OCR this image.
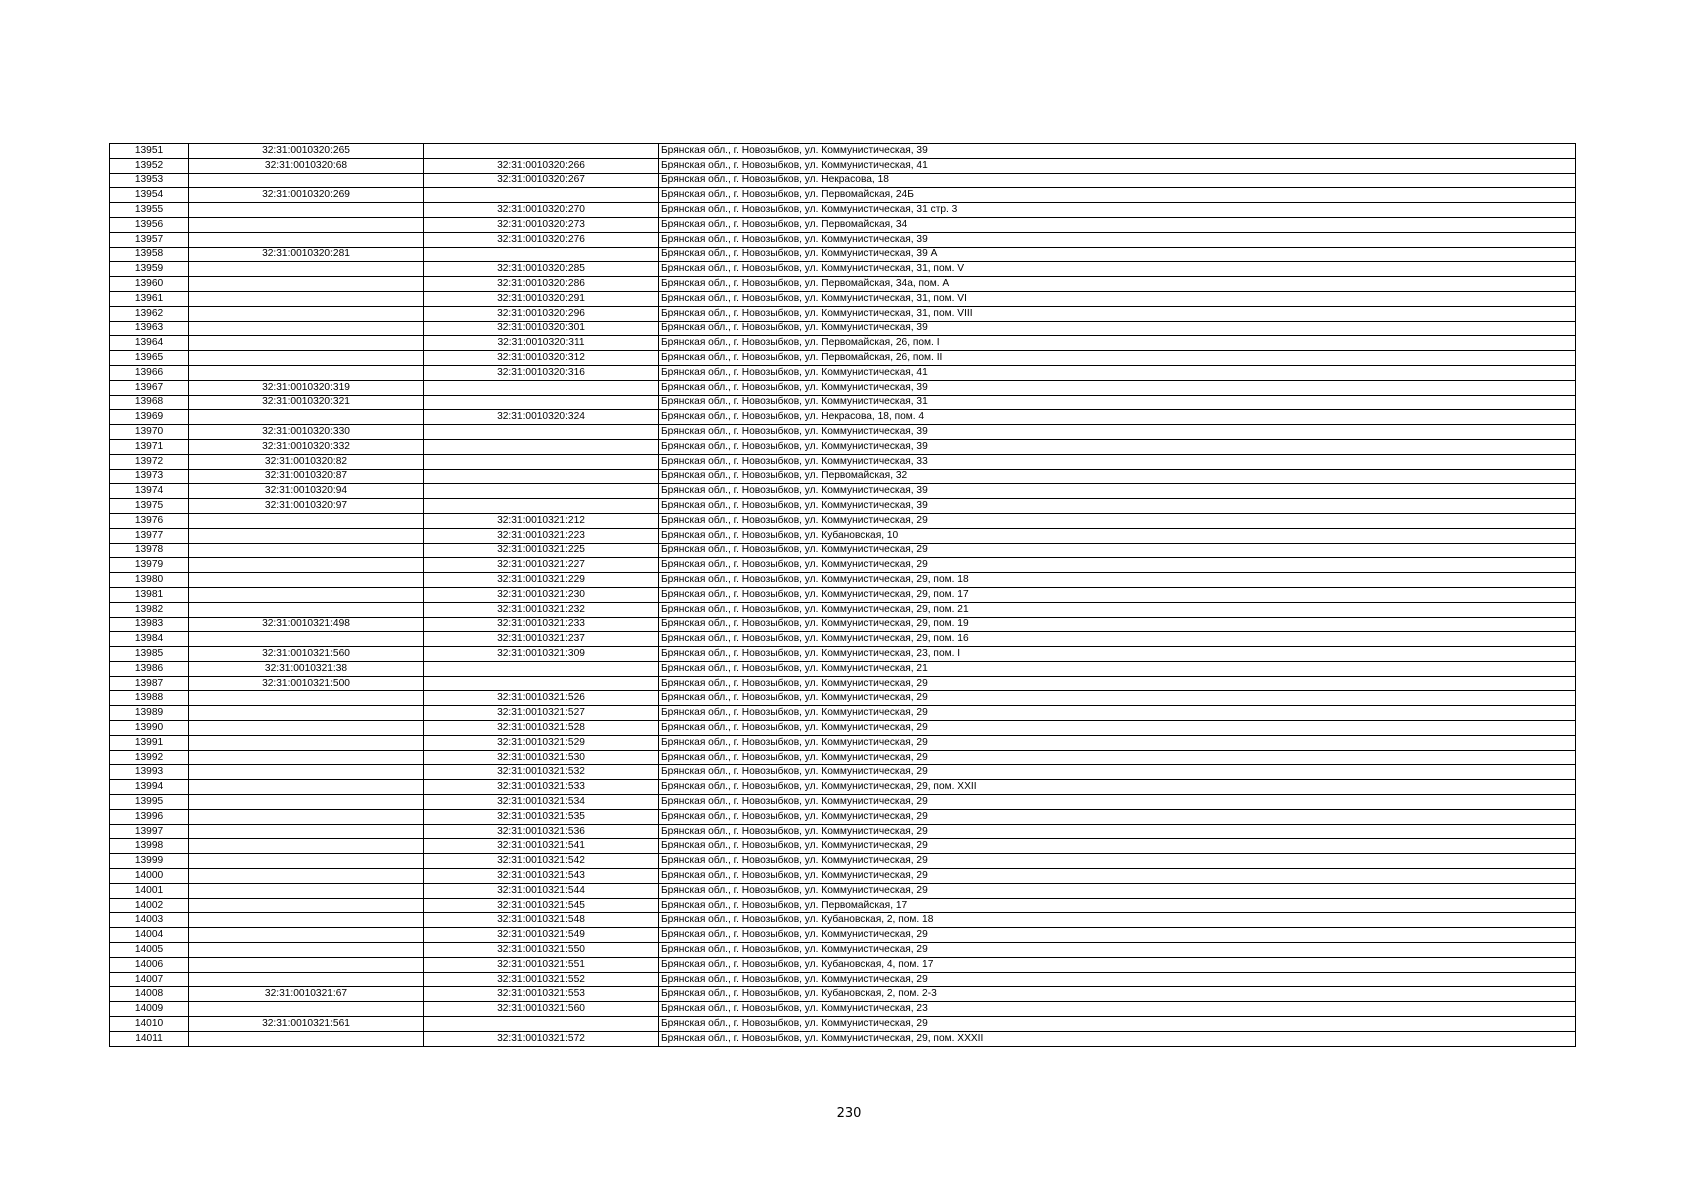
13951	32:31:0010320:265		Брянская обл., г. Новозыбков, ул. Коммунистическая, 39
13952	32:31:0010320:68	32:31:0010320:266	Брянская обл., г. Новозыбков, ул. Коммунистическая, 41
13953		32:31:0010320:267	Брянская обл., г. Новозыбков, ул. Некрасова, 18
13954	32:31:0010320:269		Брянская обл., г. Новозыбков, ул. Первомайская, 24Б
13955		32:31:0010320:270	Брянская обл., г. Новозыбков, ул. Коммунистическая, 31 стр. 3
13956		32:31:0010320:273	Брянская обл., г. Новозыбков, ул. Первомайская, 34
13957		32:31:0010320:276	Брянская обл., г. Новозыбков, ул. Коммунистическая, 39
13958	32:31:0010320:281		Брянская обл., г. Новозыбков, ул. Коммунистическая, 39 А
13959		32:31:0010320:285	Брянская обл., г. Новозыбков, ул. Коммунистическая, 31, пом. V
13960		32:31:0010320:286	Брянская обл., г. Новозыбков, ул. Первомайская, 34а, пом. А
13961		32:31:0010320:291	Брянская обл., г. Новозыбков, ул. Коммунистическая, 31, пом. VI
13962		32:31:0010320:296	Брянская обл., г. Новозыбков, ул. Коммунистическая, 31, пом. VIII
13963		32:31:0010320:301	Брянская обл., г. Новозыбков, ул. Коммунистическая, 39
13964		32:31:0010320:311	Брянская обл., г. Новозыбков, ул. Первомайская, 26, пом. I
13965		32:31:0010320:312	Брянская обл., г. Новозыбков, ул. Первомайская, 26, пом. II
13966		32:31:0010320:316	Брянская обл., г. Новозыбков, ул. Коммунистическая, 41
13967	32:31:0010320:319		Брянская обл., г. Новозыбков, ул. Коммунистическая, 39
13968	32:31:0010320:321		Брянская обл., г. Новозыбков, ул. Коммунистическая, 31
13969		32:31:0010320:324	Брянская обл., г. Новозыбков, ул. Некрасова, 18, пом. 4
13970	32:31:0010320:330		Брянская обл., г. Новозыбков, ул. Коммунистическая, 39
13971	32:31:0010320:332		Брянская обл., г. Новозыбков, ул. Коммунистическая, 39
13972	32:31:0010320:82		Брянская обл., г. Новозыбков, ул. Коммунистическая, 33
13973	32:31:0010320:87		Брянская обл., г. Новозыбков, ул. Первомайская, 32
13974	32:31:0010320:94		Брянская обл., г. Новозыбков, ул. Коммунистическая, 39
13975	32:31:0010320:97		Брянская обл., г. Новозыбков, ул. Коммунистическая, 39
13976		32:31:0010321:212	Брянская обл., г. Новозыбков, ул. Коммунистическая, 29
13977		32:31:0010321:223	Брянская обл., г. Новозыбков, ул. Кубановская, 10
13978		32:31:0010321:225	Брянская обл., г. Новозыбков, ул. Коммунистическая, 29
13979		32:31:0010321:227	Брянская обл., г. Новозыбков, ул. Коммунистическая, 29
13980		32:31:0010321:229	Брянская обл., г. Новозыбков, ул. Коммунистическая, 29, пом. 18
13981		32:31:0010321:230	Брянская обл., г. Новозыбков, ул. Коммунистическая, 29, пом. 17
13982		32:31:0010321:232	Брянская обл., г. Новозыбков, ул. Коммунистическая, 29, пом. 21
13983	32:31:0010321:498	32:31:0010321:233	Брянская обл., г. Новозыбков, ул. Коммунистическая, 29, пом. 19
13984		32:31:0010321:237	Брянская обл., г. Новозыбков, ул. Коммунистическая, 29, пом. 16
13985	32:31:0010321:560	32:31:0010321:309	Брянская обл., г. Новозыбков, ул. Коммунистическая, 23, пом. I
13986	32:31:0010321:38		Брянская обл., г. Новозыбков, ул. Коммунистическая, 21
13987	32:31:0010321:500		Брянская обл., г. Новозыбков, ул. Коммунистическая, 29
13988		32:31:0010321:526	Брянская обл., г. Новозыбков, ул. Коммунистическая, 29
13989		32:31:0010321:527	Брянская обл., г. Новозыбков, ул. Коммунистическая, 29
13990		32:31:0010321:528	Брянская обл., г. Новозыбков, ул. Коммунистическая, 29
13991		32:31:0010321:529	Брянская обл., г. Новозыбков, ул. Коммунистическая, 29
13992		32:31:0010321:530	Брянская обл., г. Новозыбков, ул. Коммунистическая, 29
13993		32:31:0010321:532	Брянская обл., г. Новозыбков, ул. Коммунистическая, 29
13994		32:31:0010321:533	Брянская обл., г. Новозыбков, ул. Коммунистическая, 29, пом. XXII
13995		32:31:0010321:534	Брянская обл., г. Новозыбков, ул. Коммунистическая, 29
13996		32:31:0010321:535	Брянская обл., г. Новозыбков, ул. Коммунистическая, 29
13997		32:31:0010321:536	Брянская обл., г. Новозыбков, ул. Коммунистическая, 29
13998		32:31:0010321:541	Брянская обл., г. Новозыбков, ул. Коммунистическая, 29
13999		32:31:0010321:542	Брянская обл., г. Новозыбков, ул. Коммунистическая, 29
14000		32:31:0010321:543	Брянская обл., г. Новозыбков, ул. Коммунистическая, 29
14001		32:31:0010321:544	Брянская обл., г. Новозыбков, ул. Коммунистическая, 29
14002		32:31:0010321:545	Брянская обл., г. Новозыбков, ул. Первомайская, 17
14003		32:31:0010321:548	Брянская обл., г. Новозыбков, ул. Кубановская, 2, пом. 18
14004		32:31:0010321:549	Брянская обл., г. Новозыбков, ул. Коммунистическая, 29
14005		32:31:0010321:550	Брянская обл., г. Новозыбков, ул. Коммунистическая, 29
14006		32:31:0010321:551	Брянская обл., г. Новозыбков, ул. Кубановская, 4, пом. 17
14007		32:31:0010321:552	Брянская обл., г. Новозыбков, ул. Коммунистическая, 29
14008	32:31:0010321:67	32:31:0010321:553	Брянская обл., г. Новозыбков, ул. Кубановская, 2, пом. 2-3
14009		32:31:0010321:560	Брянская обл., г. Новозыбков, ул. Коммунистическая, 23
14010	32:31:0010321:561		Брянская обл., г. Новозыбков, ул. Коммунистическая, 29
14011		32:31:0010321:572	Брянская обл., г. Новозыбков, ул. Коммунистическая, 29, пом. XXXII
230
